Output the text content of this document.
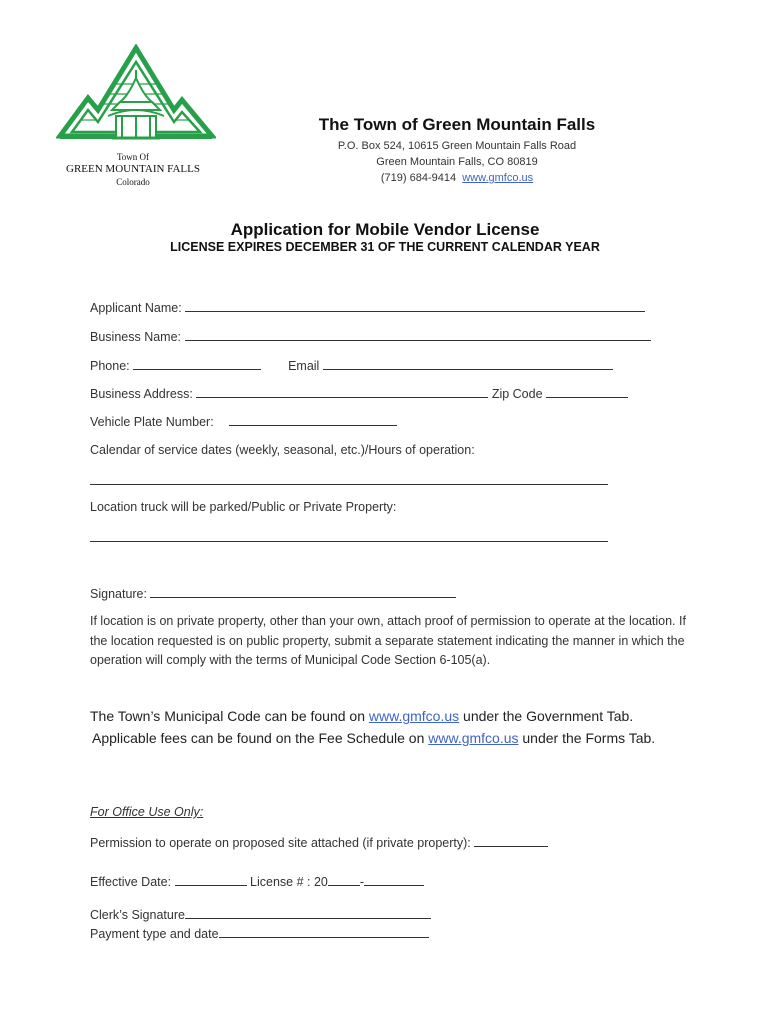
Town Of
GREEN MOUNTAIN FALLS
Colorado
The Town of Green Mountain Falls
P.O. Box 524, 10615 Green Mountain Falls Road
Green Mountain Falls, CO 80819
(719) 684-9414 www.gmfco.us
Application for Mobile Vendor License
LICENSE EXPIRES DECEMBER 31 OF THE CURRENT CALENDAR YEAR
Applicant Name:
Business Name:
Phone:	Email
Business Address:	Zip Code
Vehicle Plate Number:
Calendar of service dates (weekly, seasonal, etc.)/Hours of operation:
Location truck will be parked/Public or Private Property:
Signature:
If location is on private property, other than your own, attach proof of permission to operate at the location. If the location requested is on public property, submit a separate statement indicating the manner in which the operation will comply with the terms of Municipal Code Section 6-105(a).
The Town’s Municipal Code can be found on www.gmfco.us under the Government Tab.
Applicable fees can be found on the Fee Schedule on www.gmfco.us under the Forms Tab.
For Office Use Only:
Permission to operate on proposed site attached (if private property):
Effective Date:	License # : 20	-
Clerk’s Signature
Payment type and date
